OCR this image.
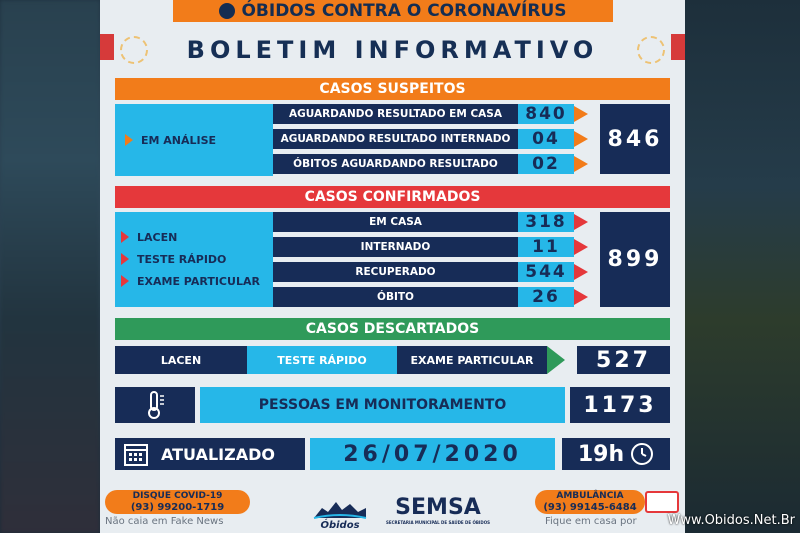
ÓBIDOS CONTRA O CORONAVÍRUS
BOLETIM INFORMATIVO
CASOS SUSPEITOS
EM ANÁLISE
AGUARDANDO RESULTADO EM CASA	840
AGUARDANDO RESULTADO INTERNADO	04
ÓBITOS AGUARDANDO RESULTADO	02
846
CASOS CONFIRMADOS
LACEN
TESTE RÁPIDO
EXAME PARTICULAR
EM CASA	318
INTERNADO	11
RECUPERADO	544
ÓBITO	26
899
CASOS DESCARTADOS
LACEN	TESTE RÁPIDO	EXAME PARTICULAR	527
PESSOAS EM MONITORAMENTO	1173
ATUALIZADO	26/07/2020	19h
DISQUE COVID-19
(93) 99200-1719
Não caia em Fake News	Óbidos
SEMSA
SECRETARIA MUNICIPAL DE SAÚDE DE ÓBIDOS
AMBULÂNCIA
(93) 99145-6484
Fique em casa por Www.Obidos.Net.Br
